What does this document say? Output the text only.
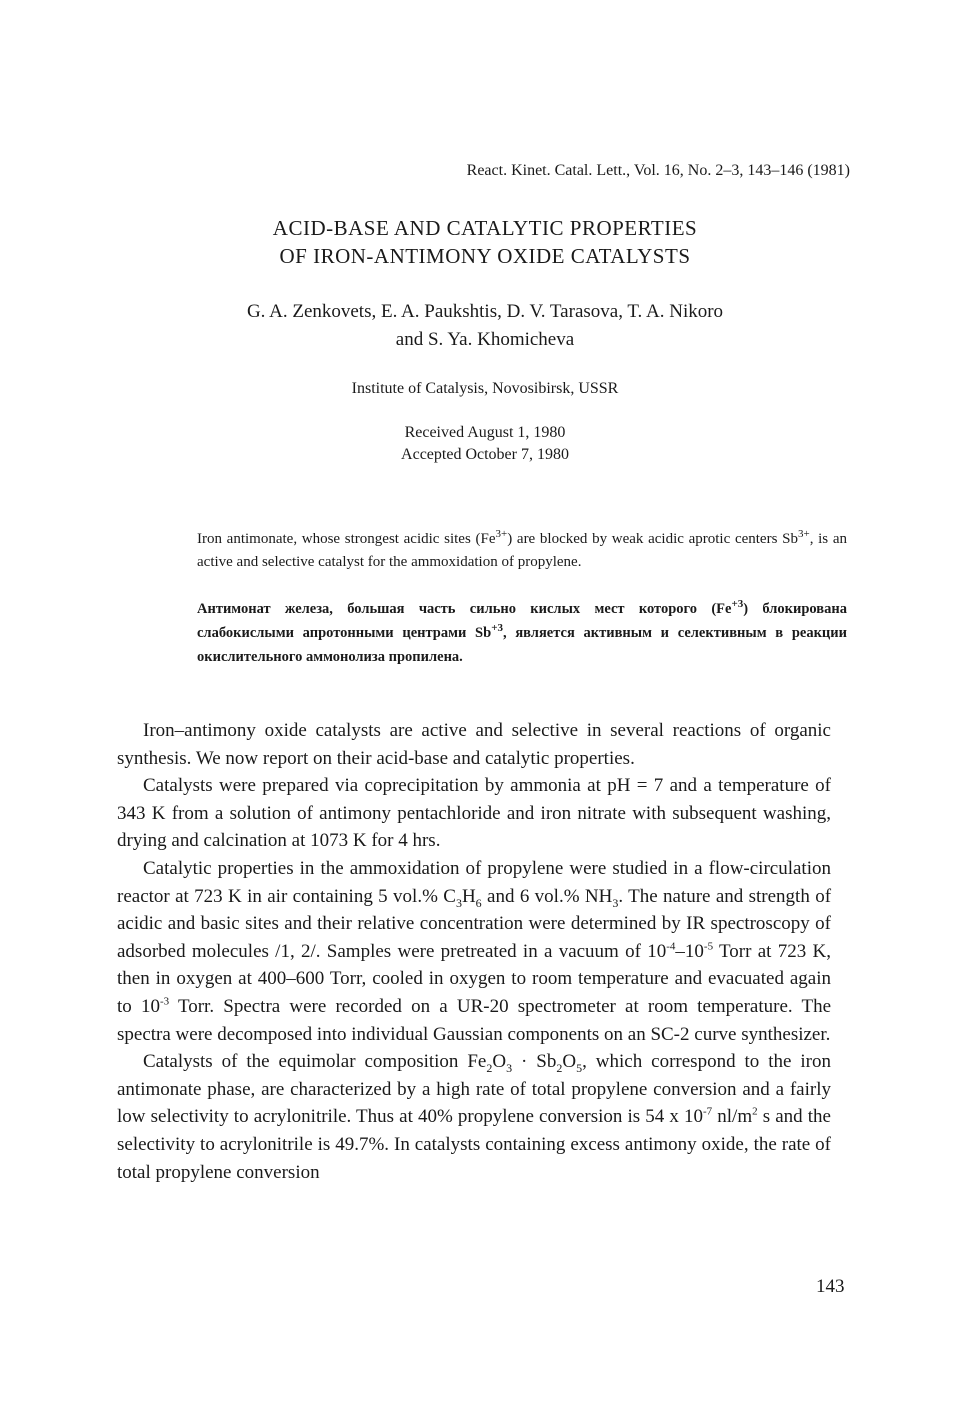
React. Kinet. Catal. Lett., Vol. 16, No. 2–3, 143–146 (1981)
ACID-BASE AND CATALYTIC PROPERTIES
OF IRON-ANTIMONY OXIDE CATALYSTS
G. A. Zenkovets, E. A. Paukshtis, D. V. Tarasova, T. A. Nikoro
and S. Ya. Khomicheva
Institute of Catalysis, Novosibirsk, USSR
Received August 1, 1980
Accepted October 7, 1980
Iron antimonate, whose strongest acidic sites $(Fe^{3+})$ are blocked by weak acidic aprotic centers $Sb^{3+}$, is an active and selective catalyst for the ammoxidation of propylene.
Антимонат железа, большая часть сильно кислых мест которого $(Fe^{+3})$ блокирована слабокислыми апротонными центрами $Sb^{+3}$, является активным и селективным в реакции окислительного аммонолиза пропилена.

Iron–antimony oxide catalysts are active and selective in several reactions of organic synthesis. We now report on their acid-base and catalytic properties.

Catalysts were prepared via coprecipitation by ammonia at pH = 7 and a temperature of 343 K from a solution of antimony pentachloride and iron nitrate with subsequent washing, drying and calcination at 1073 K for 4 hrs.

Catalytic properties in the ammoxidation of propylene were studied in a flow-circulation reactor at 723 K in air containing 5 vol.% $C_3H_6$ and 6 vol.% $NH_3$. The nature and strength of acidic and basic sites and their relative concentration were determined by IR spectroscopy of adsorbed molecules /1, 2/. Samples were pretreated in a vacuum of $10^{-4}-10^{-5}$ Torr at 723 K, then in oxygen at 400–600 Torr, cooled in oxygen to room temperature and evacuated again to $10^{-3}$ Torr. Spectra were recorded on a UR-20 spectrometer at room temperature. The spectra were decomposed into individual Gaussian components on an SC-2 curve synthesizer.

Catalysts of the equimolar composition $Fe_2O_3 \cdot Sb_2O_5$, which correspond to the iron antimonate phase, are characterized by a high rate of total propylene conversion and a fairly low selectivity to acrylonitrile. Thus at 40% propylene conversion is 54 x $10^{-7}$ $nl/m^2$ s and the selectivity to acrylonitrile is 49.7%. In catalysts containing excess antimony oxide, the rate of total propylene conversion

143
